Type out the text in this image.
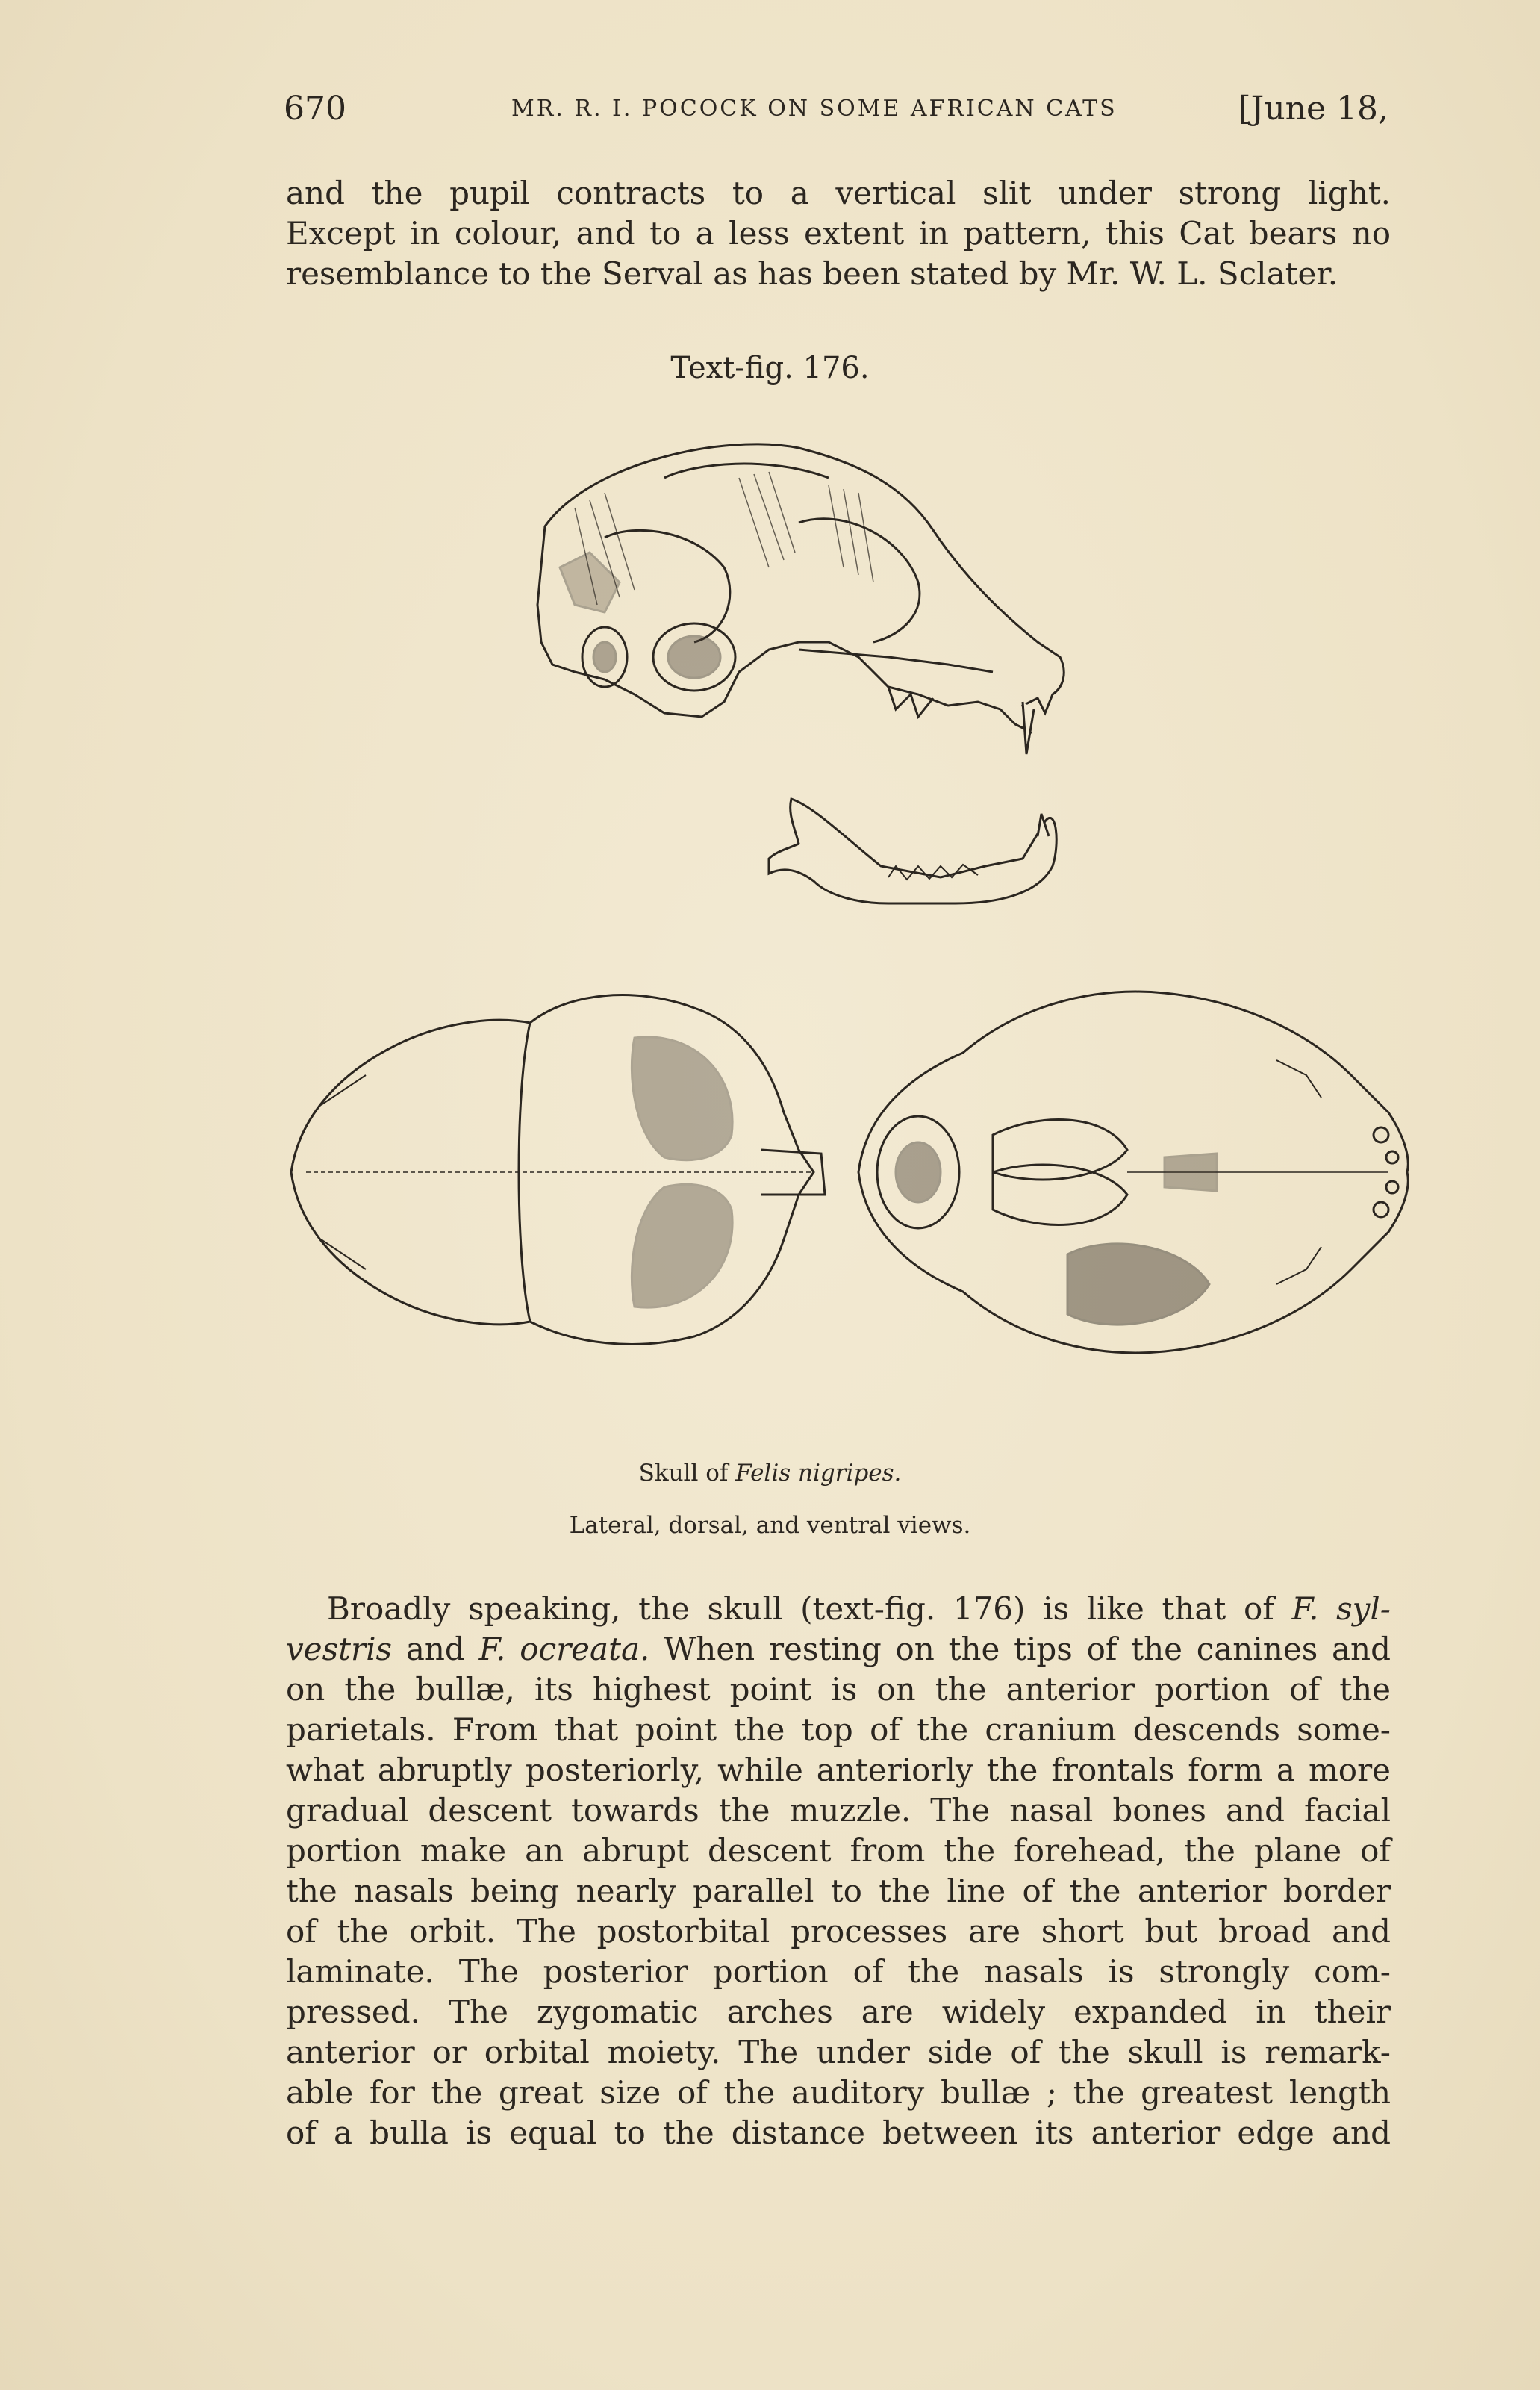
670	MR. R. I. POCOCK ON SOME AFRICAN CATS	[June 18,
and the pupil contracts to a vertical slit under strong light.
Except in colour, and to a less extent in pattern, this Cat bears no
resemblance to the Serval as has been stated by Mr. W. L. Sclater.
Text-fig. 176.
Skull of Felis nigripes.
Lateral, dorsal, and ventral views.
Broadly speaking, the skull (text-fig. 176) is like that of F. syl-
vestris and F. ocreata. When resting on the tips of the canines and
on the bullæ, its highest point is on the anterior portion of the
parietals. From that point the top of the cranium descends some-
what abruptly posteriorly, while anteriorly the frontals form a more
gradual descent towards the muzzle. The nasal bones and facial
portion make an abrupt descent from the forehead, the plane of
the nasals being nearly parallel to the line of the anterior border
of the orbit. The postorbital processes are short but broad and
laminate. The posterior portion of the nasals is strongly com-
pressed. The zygomatic arches are widely expanded in their
anterior or orbital moiety. The under side of the skull is remark-
able for the great size of the auditory bullæ ; the greatest length
of a bulla is equal to the distance between its anterior edge and
